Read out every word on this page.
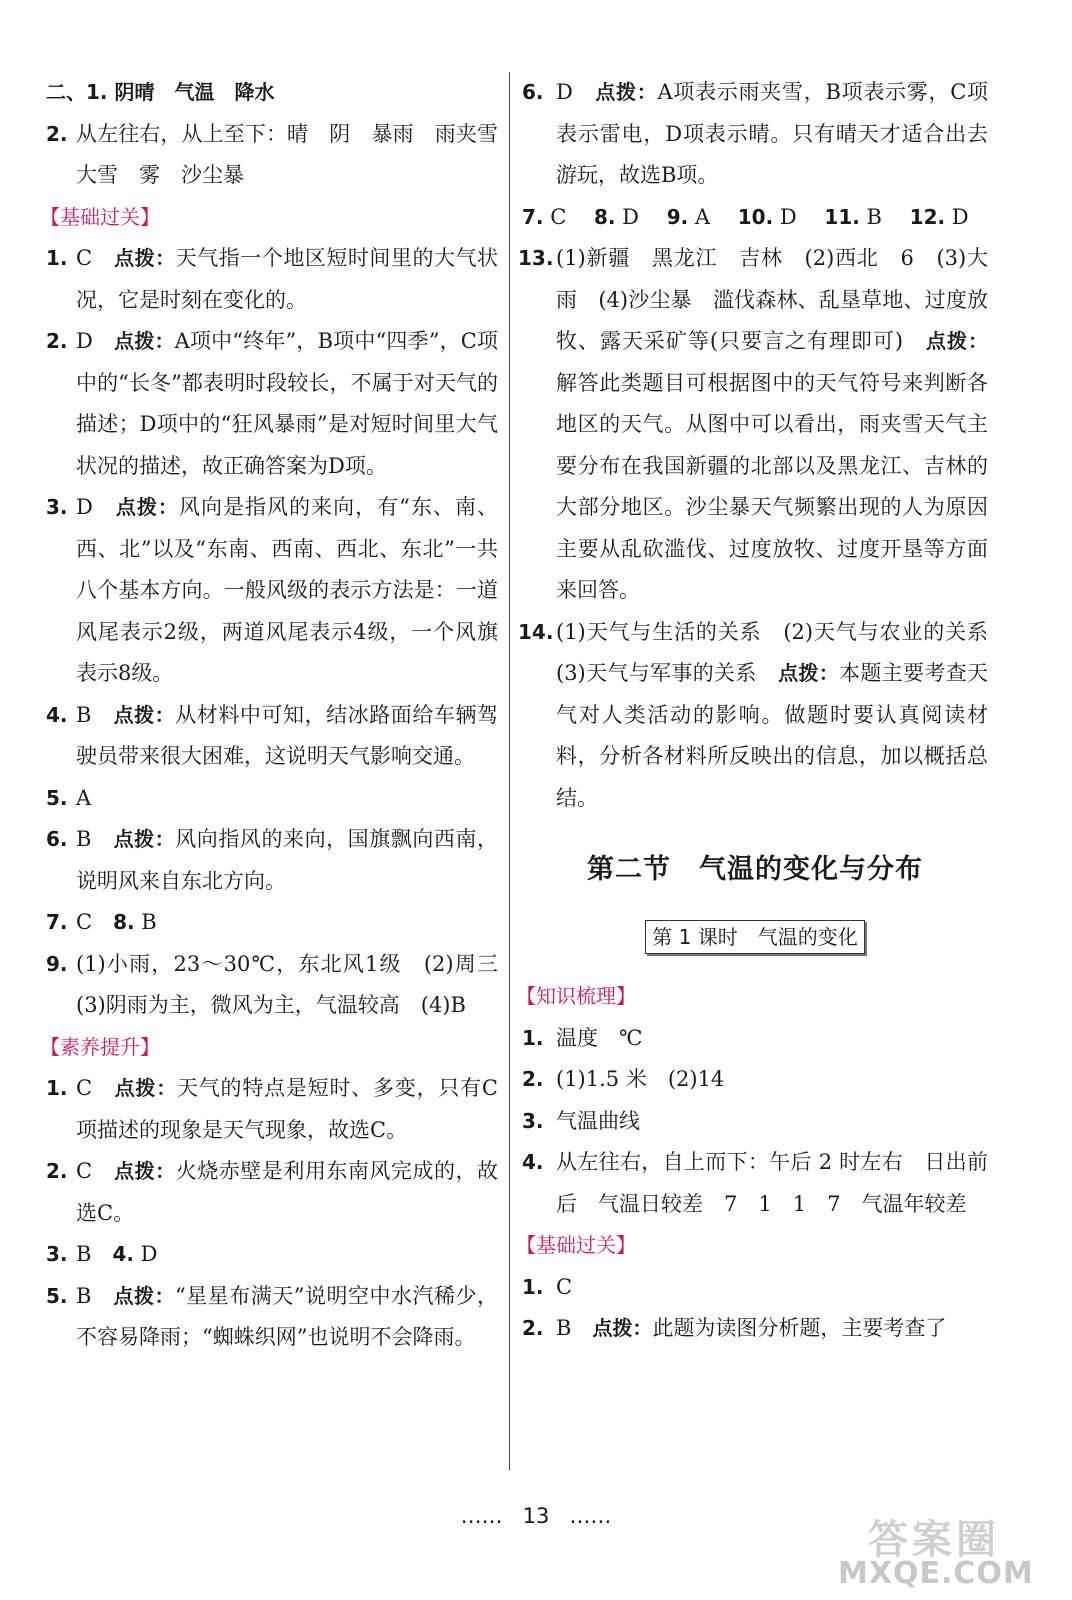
二、1. 阴晴　气温　降水
2. 从左往右，从上至下：晴　阴　暴雨　雨夹雪　大雪　雾　沙尘暴
【基础过关】
1. C　 点拨：天气指一个地区短时间里的大气状况，它是时刻在变化的。
2. D　 点拨：A项中“终年”，B项中“四季”，C项中的“长冬”都表明时段较长，不属于对天气的描述；D项中的“狂风暴雨”是对短时间里大气状况的描述，故正确答案为D项。
3. D　 点拨：风向是指风的来向，有“东、南、西、北”以及“东南、西南、西北、东北”一共八个基本方向。一般风级的表示方法是：一道风尾表示2级，两道风尾表示4级，一个风旗表示8级。
4. B　 点拨：从材料中可知，结冰路面给车辆驾驶员带来很大困难，这说明天气影响交通。
5. A
6. B　 点拨：风向指风的来向，国旗飘向西南，说明风来自东北方向。
7. C　 8. B
9. (1)小雨，23～30℃，东北风1级　(2)周三　(3)阴雨为主，微风为主，气温较高　(4)B
【素养提升】
1. C　 点拨：天气的特点是短时、多变，只有C项描述的现象是天气现象，故选C。
2. C　 点拨：火烧赤壁是利用东南风完成的，故选C。
3. B　 4. D
5. B　 点拨：“星星布满天”说明空中水汽稀少，不容易降雨；“蜘蛛织网”也说明不会降雨。
6. D　 点拨：A项表示雨夹雪，B项表示雾，C项表示雷电，D项表示晴。只有晴天才适合出去游玩，故选B项。
7. C　 8. D　 9. A　 10. D　 11. B　 12. D
13. (1)新疆　黑龙江　吉林　(2)西北　6　(3)大雨　(4)沙尘暴　滥伐森林、乱垦草地、过度放牧、露天采矿等(只要言之有理即可)　 点拨：解答此类题目可根据图中的天气符号来判断各地区的天气。从图中可以看出，雨夹雪天气主要分布在我国新疆的北部以及黑龙江、吉林的大部分地区。沙尘暴天气频繁出现的人为原因主要从乱砍滥伐、过度放牧、过度开垦等方面来回答。
14. (1)天气与生活的关系　(2)天气与农业的关系　(3)天气与军事的关系　 点拨：本题主要考查天气对人类活动的影响。做题时要认真阅读材料，分析各材料所反映出的信息，加以概括总结。
第二节　气温的变化与分布
第 1 课时　气温的变化
【知识梳理】
1. 温度　℃
2. (1)1.5 米　(2)14
3. 气温曲线
4. 从左往右，自上而下：午后 2 时左右　日出前后　气温日较差　7　1　1　7　气温年较差
【基础过关】
1. C
2. B　 点拨：此题为读图分析题，主要考查了
…… 13 ……
答案圈
MXQE.COM
